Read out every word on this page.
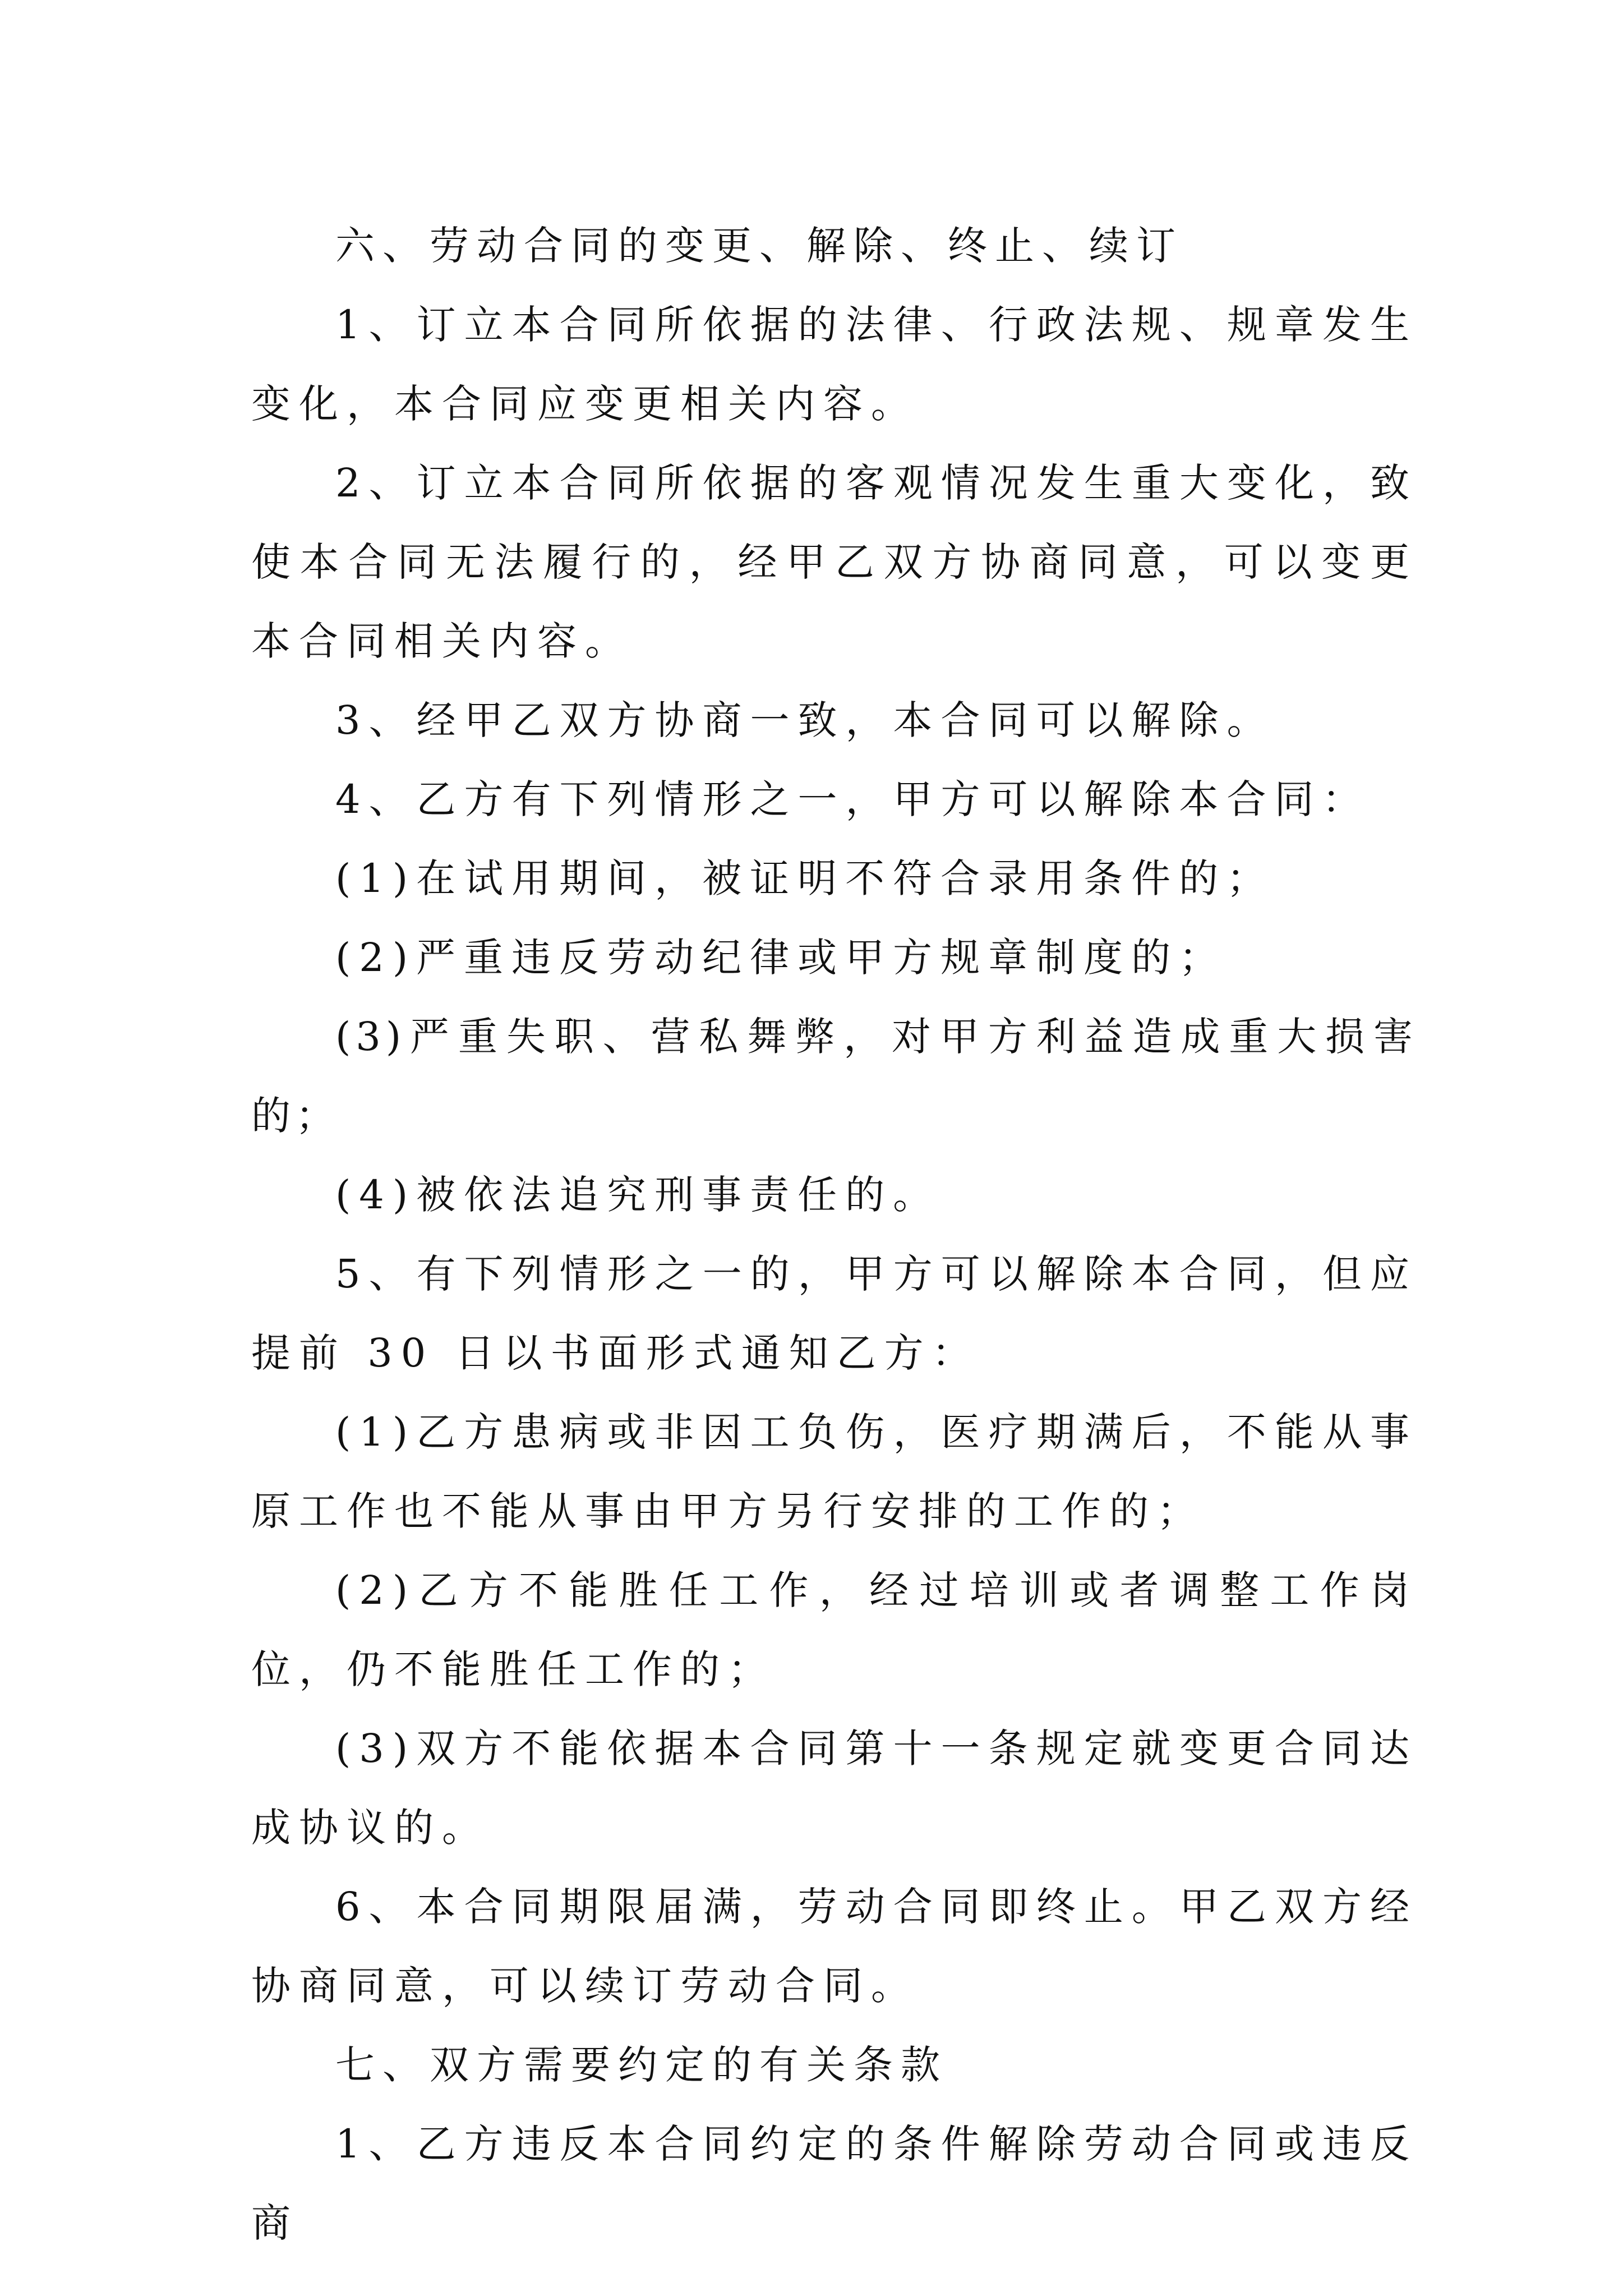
六、劳动合同的变更、解除、终止、续订

1、订立本合同所依据的法律、行政法规、规章发生变化，本合同应变更相关内容。

2、订立本合同所依据的客观情况发生重大变化，致使本合同无法履行的，经甲乙双方协商同意，可以变更本合同相关内容。

3、经甲乙双方协商一致，本合同可以解除。

4、乙方有下列情形之一，甲方可以解除本合同：

(1)在试用期间，被证明不符合录用条件的；

(2)严重违反劳动纪律或甲方规章制度的；

(3)严重失职、营私舞弊，对甲方利益造成重大损害的；

(4)被依法追究刑事责任的。

5、有下列情形之一的，甲方可以解除本合同，但应提前 30 日以书面形式通知乙方：

(1)乙方患病或非因工负伤，医疗期满后，不能从事原工作也不能从事由甲方另行安排的工作的；

(2)乙方不能胜任工作，经过培训或者调整工作岗位，仍不能胜任工作的；

(3)双方不能依据本合同第十一条规定就变更合同达成协议的。

6、本合同期限届满，劳动合同即终止。甲乙双方经协商同意，可以续订劳动合同。

七、双方需要约定的有关条款

1、乙方违反本合同约定的条件解除劳动合同或违反商
